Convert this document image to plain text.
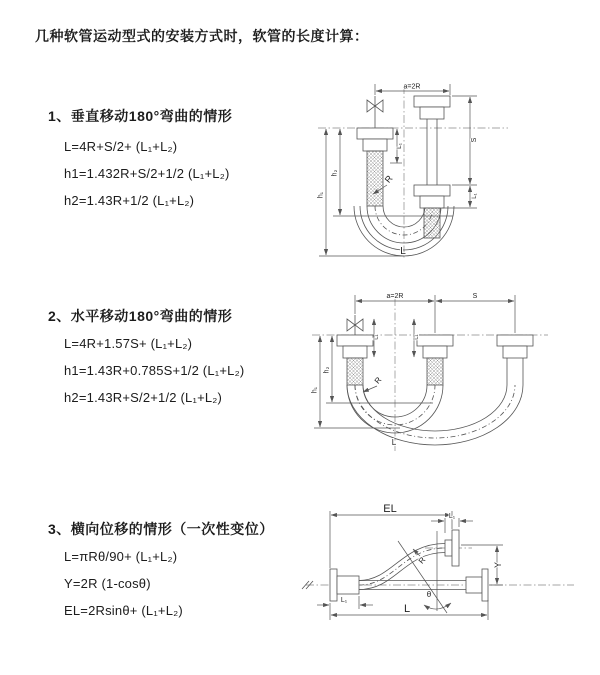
几种软管运动型式的安装方式时，软管的长度计算：
1、垂直移动180°弯曲的情形
L=4R+S/2+ (L₁+L₂)
h1=1.432R+S/2+1/2 (L₁+L₂)
h2=1.43R+1/2 (L₁+L₂)
2、水平移动180°弯曲的情形
L=4R+1.57S+ (L₁+L₂)
h1=1.43R+0.785S+1/2 (L₁+L₂)
h2=1.43R+S/2+1/2 (L₁+L₂)
3、横向位移的情形（一次性变位）
L=πRθ/90+ (L₁+L₂)
Y=2R (1-cosθ)
EL=2Rsinθ+ (L₁+L₂)
a=2R
L₁
h₁
h₂
S
L₁
R
L
a=2R	S
L₁	L₁
h₁
h₂
R
L
EL
L₁
Y
R
θ
L
L₁
